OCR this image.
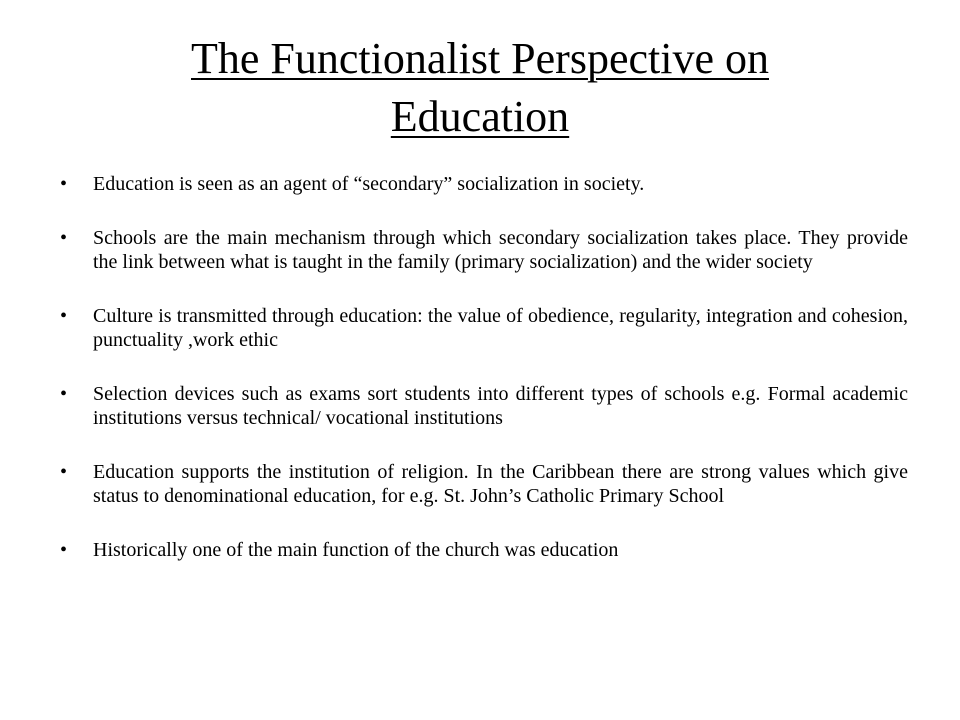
The Functionalist Perspective on
Education
•	Education is seen as an agent of “secondary” socialization in society.
•	Schools are the main mechanism through which secondary socialization takes place. They provide the link between what is taught in the family (primary socialization) and the wider society
•	Culture is transmitted through education: the value of obedience, regularity, integration and cohesion, punctuality ,work ethic
•	Selection devices such as exams sort students into different types of schools e.g. Formal academic institutions versus technical/ vocational institutions
•	Education supports the institution of religion. In the Caribbean there are strong values which give status to denominational education, for e.g. St. John’s Catholic Primary School
•	Historically one of the main function of the church was education
